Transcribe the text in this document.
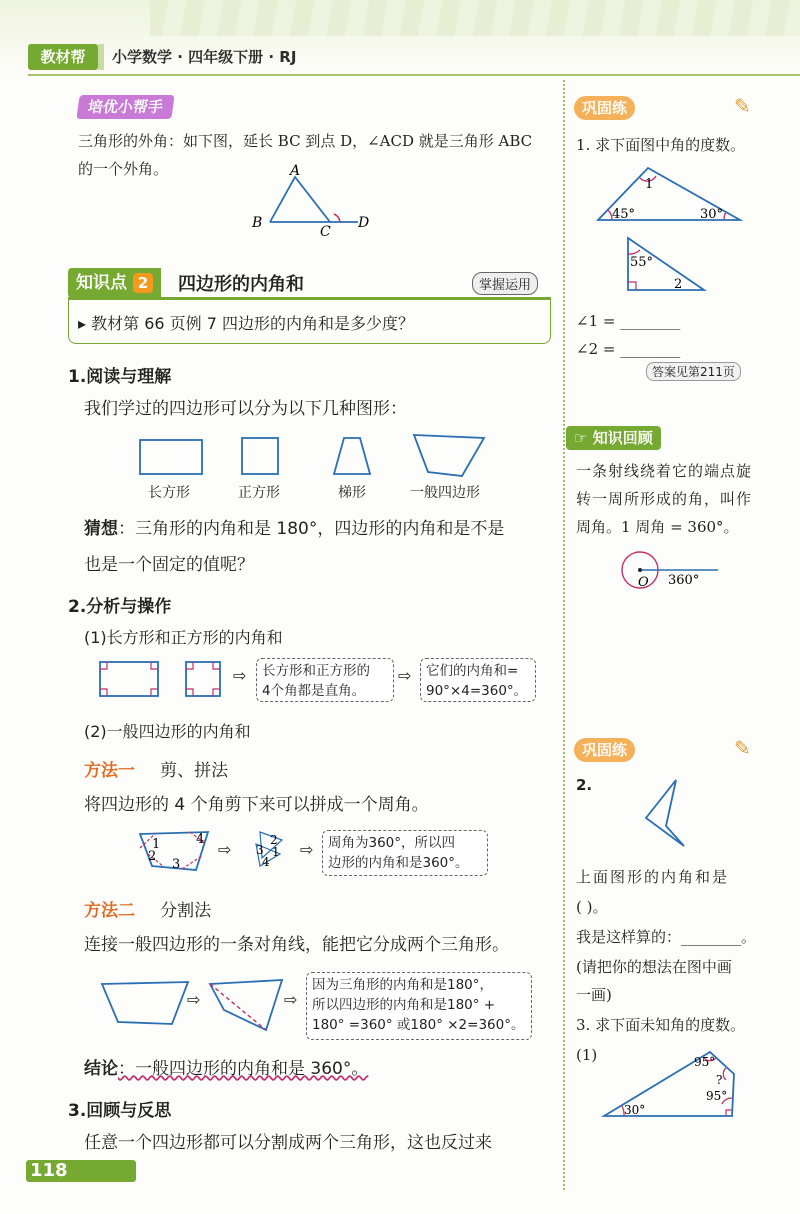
教材帮	小学数学 · 四年级下册 · RJ
培优小帮手
三角形的外角：如下图，延长 BC 到点 D，∠ACD 就是三角形 ABC
的一个外角。	A
B
C
D
知识点 2	四边形的内角和	掌握运用
▸ 教材第 66 页例 7 四边形的内角和是多少度？
1.阅读与理解
我们学过的四边形可以分为以下几种图形：
长方形	正方形	梯形	一般四边形
猜想：三角形的内角和是 180°，四边形的内角和是不是
也是一个固定的值呢？
2.分析与操作
(1)长方形和正方形的内角和
⇨ 长方形和正方形的
4个角都是直角。
⇨ 它们的内角和=
90°×4=360°。
(2)一般四边形的内角和
方法一 剪、拼法
将四边形的 4 个角剪下来可以拼成一个周角。
1
2
3
4	2
3 1
4
⇨	⇨ 周角为360°，所以四
边形的内角和是360°。
方法二 分割法
连接一般四边形的一条对角线，能把它分成两个三角形。
⇨	⇨
因为三角形的内角和是180°，
所以四边形的内角和是180° +
180° =360° 或180° ×2=360°。
结论：一般四边形的内角和是 360°。
3.回顾与反思
任意一个四边形都可以分割成两个三角形，这也反过来
118
巩固练	✎
1. 求下面图中角的度数。
1
45°	30°
55°
2
∠1 = ________
∠2 = ________
答案见第211页
☞ 知识回顾
一条射线绕着它的端点旋
转一周所形成的角，叫作
周角。1 周角 = 360°。
O 360°
巩固练	✎
2.
上面图形的内角和是
( )。
我是这样算的：________。
(请把你的想法在图中画
一画)
3. 求下面未知角的度数。
(1)	95°
?
95°
30°
